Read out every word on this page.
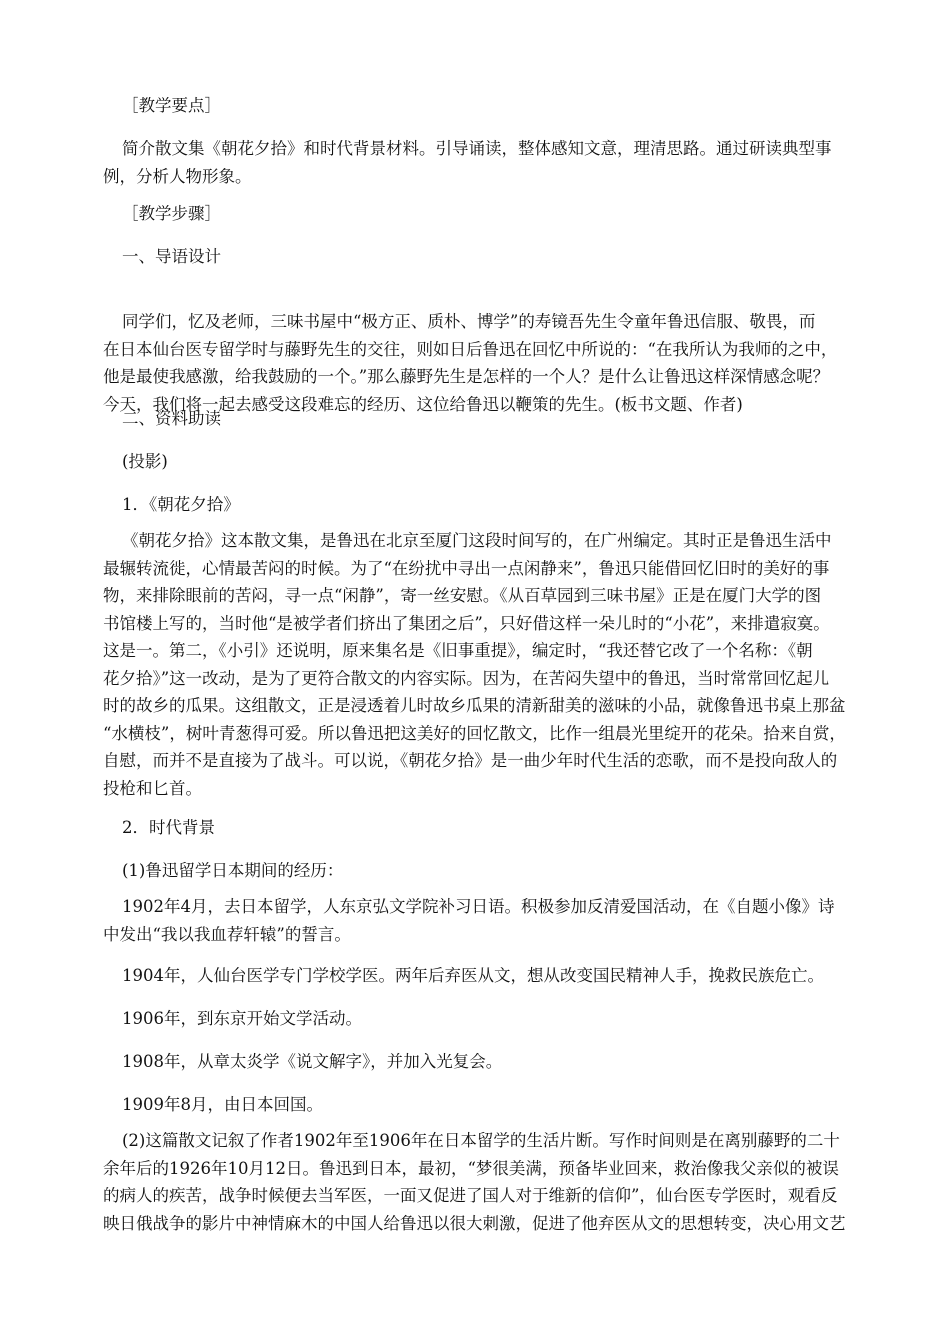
［教学要点］
简介散文集《朝花夕拾》和时代背景材料。引导诵读，整体感知文意，理清思路。通过研读典型事
例，分析人物形象。
［教学步骤］
一、导语设计
同学们，忆及老师，三味书屋中“极方正、质朴、博学”的寿镜吾先生令童年鲁迅信服、敬畏，而
在日本仙台医专留学时与藤野先生的交往，则如日后鲁迅在回忆中所说的：“在我所认为我师的之中，
他是最使我感激，给我鼓励的一个。”那么藤野先生是怎样的一个人？是什么让鲁迅这样深情感念呢？
今天，我们将一起去感受这段难忘的经历、这位给鲁迅以鞭策的先生。(板书文题、作者)
二、资料助读
(投影)
1．《朝花夕拾》
《朝花夕拾》这本散文集，是鲁迅在北京至厦门这段时间写的，在广州编定。其时正是鲁迅生活中
最辗转流徙，心情最苦闷的时候。为了“在纷扰中寻出一点闲静来”，鲁迅只能借回忆旧时的美好的事
物，来排除眼前的苦闷，寻一点“闲静”，寄一丝安慰。《从百草园到三味书屋》正是在厦门大学的图
书馆楼上写的，当时他“是被学者们挤出了集团之后”，只好借这样一朵儿时的“小花”，来排遣寂寞。
这是一。第二，《小引》还说明，原来集名是《旧事重提》，编定时，“我还替它改了一个名称：《朝
花夕拾》”这一改动，是为了更符合散文的内容实际。因为，在苦闷失望中的鲁迅，当时常常回忆起儿
时的故乡的瓜果。这组散文，正是浸透着儿时故乡瓜果的清新甜美的滋味的小品，就像鲁迅书桌上那盆
“水横枝”，树叶青葱得可爱。所以鲁迅把这美好的回忆散文，比作一组晨光里绽开的花朵。拾来自赏，
自慰，而并不是直接为了战斗。可以说，《朝花夕拾》是一曲少年时代生活的恋歌，而不是投向敌人的
投枪和匕首。
2．时代背景
(1)鲁迅留学日本期间的经历：
1902年4月，去日本留学，人东京弘文学院补习日语。积极参加反清爱国活动，在《自题小像》诗
中发出“我以我血荐轩辕”的誓言。
1904年，人仙台医学专门学校学医。两年后弃医从文，想从改变国民精神人手，挽救民族危亡。
1906年，到东京开始文学活动。
1908年，从章太炎学《说文解字》，并加入光复会。
1909年8月，由日本回国。
(2)这篇散文记叙了作者1902年至1906年在日本留学的生活片断。写作时间则是在离别藤野的二十
余年后的1926年10月12日。鲁迅到日本，最初，“梦很美满，预备毕业回来，救治像我父亲似的被误
的病人的疾苦，战争时候便去当军医，一面又促进了国人对于维新的信仰”，仙台医专学医时，观看反
映日俄战争的影片中神情麻木的中国人给鲁迅以很大刺激，促进了他弃医从文的思想转变，决心用文艺
